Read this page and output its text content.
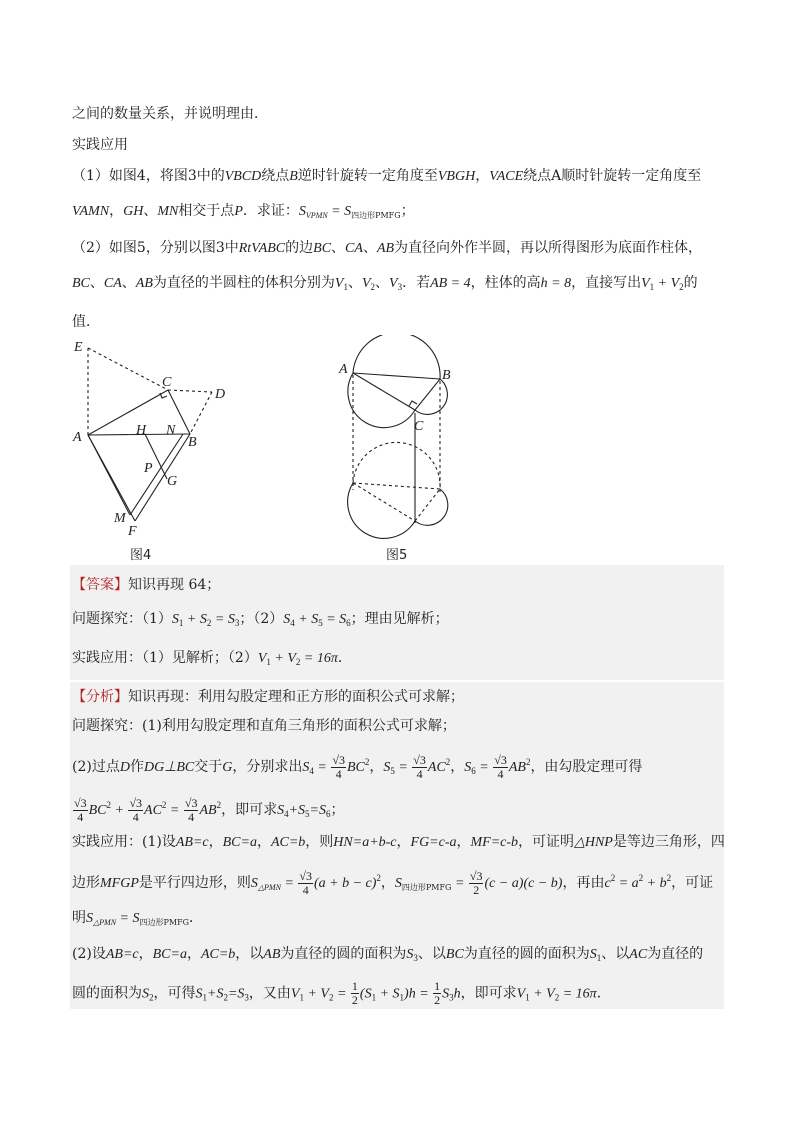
之间的数量关系，并说明理由．
实践应用
（1）如图4，将图3中的VBCD绕点B逆时针旋转一定角度至VBGH，VACE绕点A顺时针旋转一定角度至
VAMN，GH、MN相交于点P．求证：$S_{VPMN} = S_{四边形PMFG}$；
（2）如图5，分别以图3中RtVABC的边BC、CA、AB为直径向外作半圆，再以所得图形为底面作柱体，
BC、CA、AB为直径的半圆柱的体积分别为$V_1$、$V_2$、$V_3$．若AB = 4，柱体的高h = 8，直接写出$V_1 + V_2$的
值．
E
C
D
A	H N
B
P
G
M
F
图4
A	B
C
图5
【答案】知识再现 64；
问题探究：$(1)S_1 + S_2 = S_3$；$(2)S_4 + S_5 = S_6$；理由见解析；
实践应用：（1）见解析；$(2)V_1 + V_2 = 16\pi$．
【分析】知识再现：利用勾股定理和正方形的面积公式可求解；
问题探究：(1)利用勾股定理和直角三角形的面积公式可求解；
(2)过点D作DG⊥BC交于G，分别求出$S_4 = \frac{√3}{4} BC^2$，$S_5 = \frac{√3}{4} AC^2$，$S_6 = \frac{√3}{4} AB^2$，由勾股定理可得
$\frac{√3}{4} BC^2 + \frac{√3}{4} AC^2 = \frac{√3}{4} AB^2$，即可求$S_4+S_5=S_6$；
实践应用：(1)设AB=c，BC=a，AC=b，则HN=a+b-c，FG=c-a，MF=c-b，可证明△HNP是等边三角形，四
边形MFGP是平行四边形，则$S_{\triangle PMN} = \frac{√3}{4} (a + b - c)^2$，$S_{四边形PMFG} = \frac{√3}{2} (c - a)(c - b)$，再由$c^2 = a^2 + b^2$，可证
明$S_{\triangle PMN} = S_{四边形PMFG}$．
(2)设AB=c，BC=a，AC=b，以AB为直径的圆的面积为$S_3$、以BC为直径的圆的面积为$S_1$、以AC为直径的
圆的面积为$S_2$，可得$S_1+S_2=S_3$，又由$V_1 + V_2 = \frac{1}{2} (S_1 + S_1)h = \frac{1}{2} S_3h$，即可求$V_1 + V_2 = 16\pi$．
